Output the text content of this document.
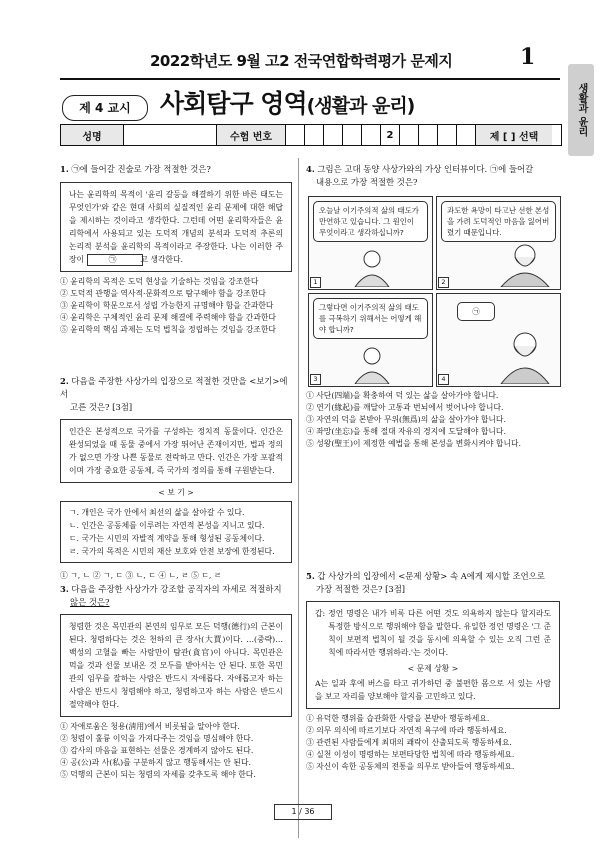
2022학년도 9월 고2 전국연합학력평가 문제지	1
생활과 윤리
제 4 교시	사회탐구 영역(생활과 윤리)
성명	수험 번호	2	제 [ ] 선택
1. ㉠에 들어갈 진술로 가장 적절한 것은?
나는 윤리학의 목적이 '윤리 갈등을 해결하기 위한 바른 태도는 무엇인가'와 같은 현대 사회의 실질적인 윤리 문제에 대한 해답을 제시하는 것이라고 생각한다. 그런데 어떤 윤리학자들은 윤리학에서 사용되고 있는 도덕적 개념의 분석과 도덕적 추론의 논리적 분석을 윤리학의 목적이라고 주장한다. 나는 이러한 주장이	㉠	고 생각한다.
① 윤리학의 목적은 도덕 현상을 기술하는 것임을 강조한다
② 도덕적 관행을 역사적·문화적으로 탐구해야 함을 강조한다
③ 윤리학이 학문으로서 성립 가능한지 규명해야 함을 간과한다
④ 윤리학은 구체적인 윤리 문제 해결에 주력해야 함을 간과한다
⑤ 윤리학의 핵심 과제는 도덕 법칙을 정립하는 것임을 강조한다
2. 다음을 주장한 사상가의 입장으로 적절한 것만을 <보기>에서
고른 것은? [3점]
인간은 본성적으로 국가를 구성하는 정치적 동물이다. 인간은 완성되었을 때 동물 중에서 가장 뛰어난 존재이지만, 법과 정의가 없으면 가장 나쁜 동물로 전락하고 만다. 인간은 가장 포괄적이며 가장 중요한 공동체, 즉 국가의 정의를 통해 구원받는다.
< 보 기 >
ㄱ. 개인은 국가 안에서 최선의 삶을 살아갈 수 있다.
ㄴ. 인간은 공동체를 이루려는 자연적 본성을 지니고 있다.
ㄷ. 국가는 시민의 자발적 계약을 통해 형성된 공동체이다.
ㄹ. 국가의 목적은 시민의 재산 보호와 안전 보장에 한정된다.
① ㄱ, ㄴ ② ㄱ, ㄷ ③ ㄴ, ㄷ ④ ㄴ, ㄹ ⑤ ㄷ, ㄹ
3. 다음을 주장한 사상가가 강조할 공직자의 자세로 적절하지
않은 것은?
청렴한 것은 목민관의 본연의 임무로 모든 덕행(德行)의 근본이 된다. 청렴하다는 것은 천하의 큰 장사(大賈)이다. …(중략)… 백성의 고혈을 빠는 사람만이 탐관(貪官)이 아니다. 목민관은 먹을 것과 선물 보내온 것 모두를 받아서는 안 된다. 또한 목민관의 임무를 잘하는 사람은 반드시 자애롭다. 자애롭고자 하는 사람은 반드시 청렴해야 하고, 청렴하고자 하는 사람은 반드시 절약해야 한다.
① 자애로움은 청용(淸用)에서 비롯됨을 알아야 한다.
② 청렴이 훌륭 이익을 가져다주는 것임을 명심해야 한다.
③ 감사의 마음을 표현하는 선물은 경계하지 않아도 된다.
④ 공(公)과 사(私)를 구분하지 않고 행동해서는 안 된다.
⑤ 덕행의 근본이 되는 청렴의 자세를 갖추도록 해야 한다.
4. 그림은 고대 동양 사상가와의 가상 인터뷰이다. ㉠에 들어갈
내용으로 가장 적절한 것은?
오늘날 이기주의적 삶의 태도가 만연하고 있습니다. 그 원인이 무엇이라고 생각하십니까?
1
과도한 욕망이 타고난 선한 본성을 가려 도덕적인 마음을 잃어버렸기 때문입니다.
2
그렇다면 이기주의적 삶의 태도를 극복하기 위해서는 어떻게 해야 합니까?
3
㉠
4
① 사단(四端)을 확충하여 덕 있는 삶을 살아가야 합니다.
② 연기(緣起)를 깨달아 고통과 번뇌에서 벗어나야 합니다.
③ 자연의 덕을 본받아 무위(無爲)의 삶을 살아가야 합니다.
④ 좌망(坐忘)을 통해 절대 자유의 경지에 도달해야 합니다.
⑤ 성왕(聖王)이 제정한 예법을 통해 본성을 변화시켜야 합니다.
5. 갑 사상가의 입장에서 <문제 상황> 속 A에게 제시할 조언으로
가장 적절한 것은? [3점]
갑: 정언 명령은 내가 비록 다른 어떤 것도 의욕하지 않는다 할지라도 특정한 방식으로 행위해야 함을 말한다. 유일한 정언 명령은 '그 준칙이 보편적 법칙이 될 것을 동시에 의욕할 수 있는 오직 그런 준칙에 따라서만 행위하라.'는 것이다.
< 문제 상황 >
A는 일과 후에 버스를 타고 귀가하던 중 불편한 몸으로 서 있는 사람을 보고 자리를 양보해야 할지를 고민하고 있다.
① 유덕한 행위를 습관화한 사람을 본받아 행동하세요.
② 의무 의식에 따르기보다 자연적 욕구에 따라 행동하세요.
③ 관련된 사람들에게 최대의 쾌락이 산출되도록 행동하세요.
④ 실천 이성이 명령하는 보편타당한 법칙에 따라 행동하세요.
⑤ 자신이 속한 공동체의 전통을 의무로 받아들여 행동하세요.
1 / 36
